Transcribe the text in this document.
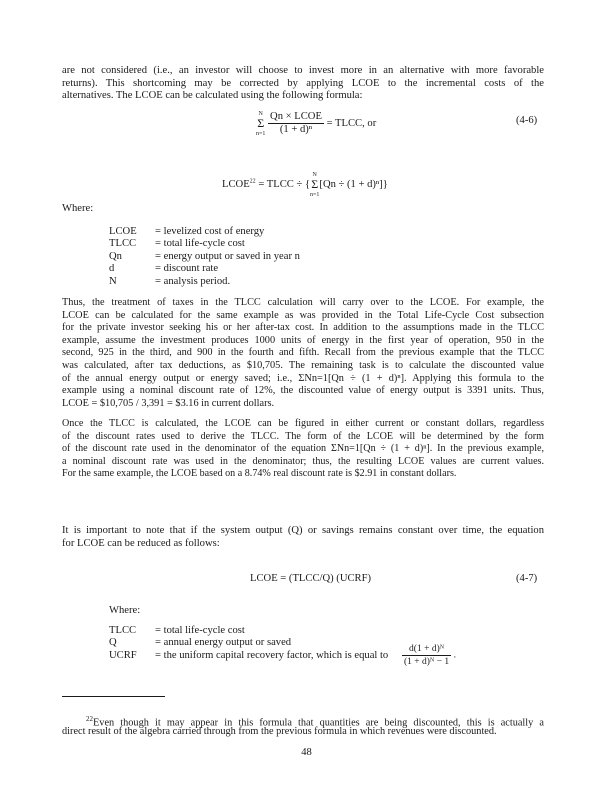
are not considered (i.e., an investor will choose to invest more in an alternative with more favorable
returns). This shortcoming may be corrected by applying LCOE to the incremental costs of the
alternatives. The LCOE can be calculated using the following formula:
N
Σ
$n=1 \frac{\text{Qn × LCOE}}{\text{(1 + d)ⁿ}}$ = TLCC, or	(4-6)
$LCOE^{22}$ = TLCC ÷ {N
Σ
n=1[Qn ÷ (1 + d)ⁿ]}
Where:
LCOE	= levelized cost of energy
TLCC	= total life-cycle cost
Qn	= energy output or saved in year n
d	= discount rate
N	= analysis period.
Thus, the treatment of taxes in the TLCC calculation will carry over to the LCOE. For example, the
LCOE can be calculated for the same example as was provided in the Total Life-Cycle Cost subsection
for the private investor seeking his or her after-tax cost. In addition to the assumptions made in the TLCC
example, assume the investment produces 1000 units of energy in the first year of operation, 950 in the
second, 925 in the third, and 900 in the fourth and fifth. Recall from the previous example that the TLCC
was calculated, after tax deductions, as $10,705. The remaining task is to calculate the discounted value
of the annual energy output or energy saved; i.e., ΣNn=1[Qn ÷ (1 + d)ⁿ]. Applying this formula to the
example using a nominal discount rate of 12%, the discounted value of energy output is 3391 units. Thus,
LCOE = $10,705 / 3,391 = $3.16 in current dollars.
Once the TLCC is calculated, the LCOE can be figured in either current or constant dollars, regardless
of the discount rates used to derive the TLCC. The form of the LCOE will be determined by the form
of the discount rate used in the denominator of the equation ΣNn=1[Qn ÷ (1 + d)ⁿ]. In the previous example,
a nominal discount rate was used in the denominator; thus, the resulting LCOE values are current values.
For the same example, the LCOE based on a 8.74% real discount rate is $2.91 in constant dollars.
It is important to note that if the system output (Q) or savings remains constant over time, the equation
for LCOE can be reduced as follows:
LCOE = (TLCC/Q) (UCRF)	(4-7)
Where:
TLCC	= total life-cycle cost
Q	= annual energy output or saved
UCRF	= the uniform capital recovery factor, which is equal to $\frac{\text{d(1 + d)ᴺ}}{\text{(1 + d)ᴺ − 1}}$ .
$^{22}$Even though it may appear in this formula that quantities are being discounted, this is actually a
direct result of the algebra carried through from the previous formula in which revenues were discounted.
48
